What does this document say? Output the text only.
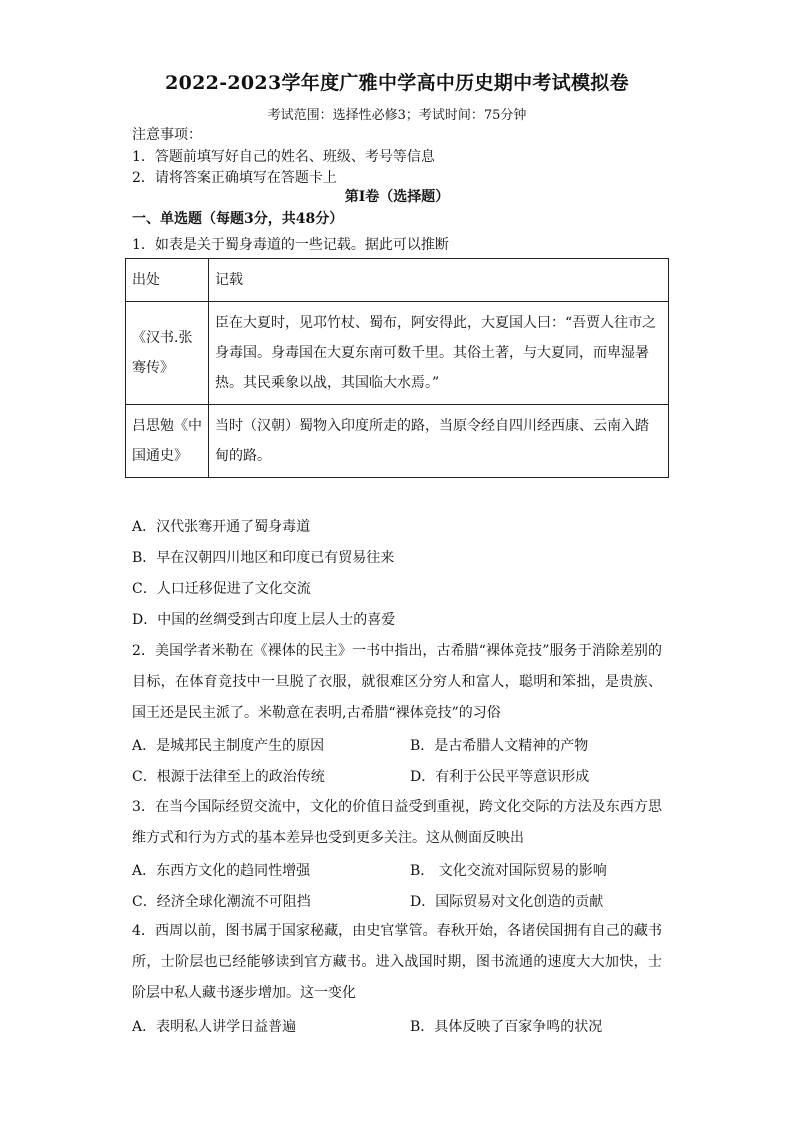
2022-2023学年度广雅中学高中历史期中考试模拟卷
考试范围：选择性必修3；考试时间：75分钟
注意事项：
1．答题前填写好自己的姓名、班级、考号等信息
2．请将答案正确填写在答题卡上
第I卷（选择题）
一、单选题（每题3分，共48分）
1．如表是关于蜀身毒道的一些记载。据此可以推断
出处	记载
《汉书.张骞传》	臣在大夏时，见邛竹杖、蜀布，阿安得此，大夏国人曰：“吾贾人往市之身毒国。身毒国在大夏东南可数千里。其俗土著，与大夏同，而卑湿暑热。其民乘象以战，其国临大水焉。”
吕思勉《中国通史》	当时（汉朝）蜀物入印度所走的路，当原令经自四川经西康、云南入踏甸的路。
A．汉代张骞开通了蜀身毒道
B．早在汉朝四川地区和印度已有贸易往来
C．人口迁移促进了文化交流
D．中国的丝绸受到古印度上层人士的喜爱
2．美国学者米勒在《裸体的民主》一书中指出，古希腊“裸体竞技”服务于消除差别的目标，在体育竞技中一旦脱了衣服，就很难区分穷人和富人，聪明和笨拙，是贵族、国王还是民主派了。米勒意在表明,古希腊“裸体竞技”的习俗
A．是城邦民主制度产生的原因	B．是古希腊人文精神的产物
C．根源于法律至上的政治传统	D．有利于公民平等意识形成
3．在当今国际经贸交流中，文化的价值日益受到重视，跨文化交际的方法及东西方思维方式和行为方式的基本差异也受到更多关注。这从侧面反映出
A．东西方文化的趋同性增强	B． 文化交流对国际贸易的影响
C．经济全球化潮流不可阻挡	D．国际贸易对文化创造的贡献
4．西周以前，图书属于国家秘藏，由史官掌管。春秋开始，各诸侯国拥有自己的藏书所，士阶层也已经能够读到官方藏书。进入战国时期，图书流通的速度大大加快，士阶层中私人藏书逐步增加。这一变化
A．表明私人讲学日益普遍	B．具体反映了百家争鸣的状况
